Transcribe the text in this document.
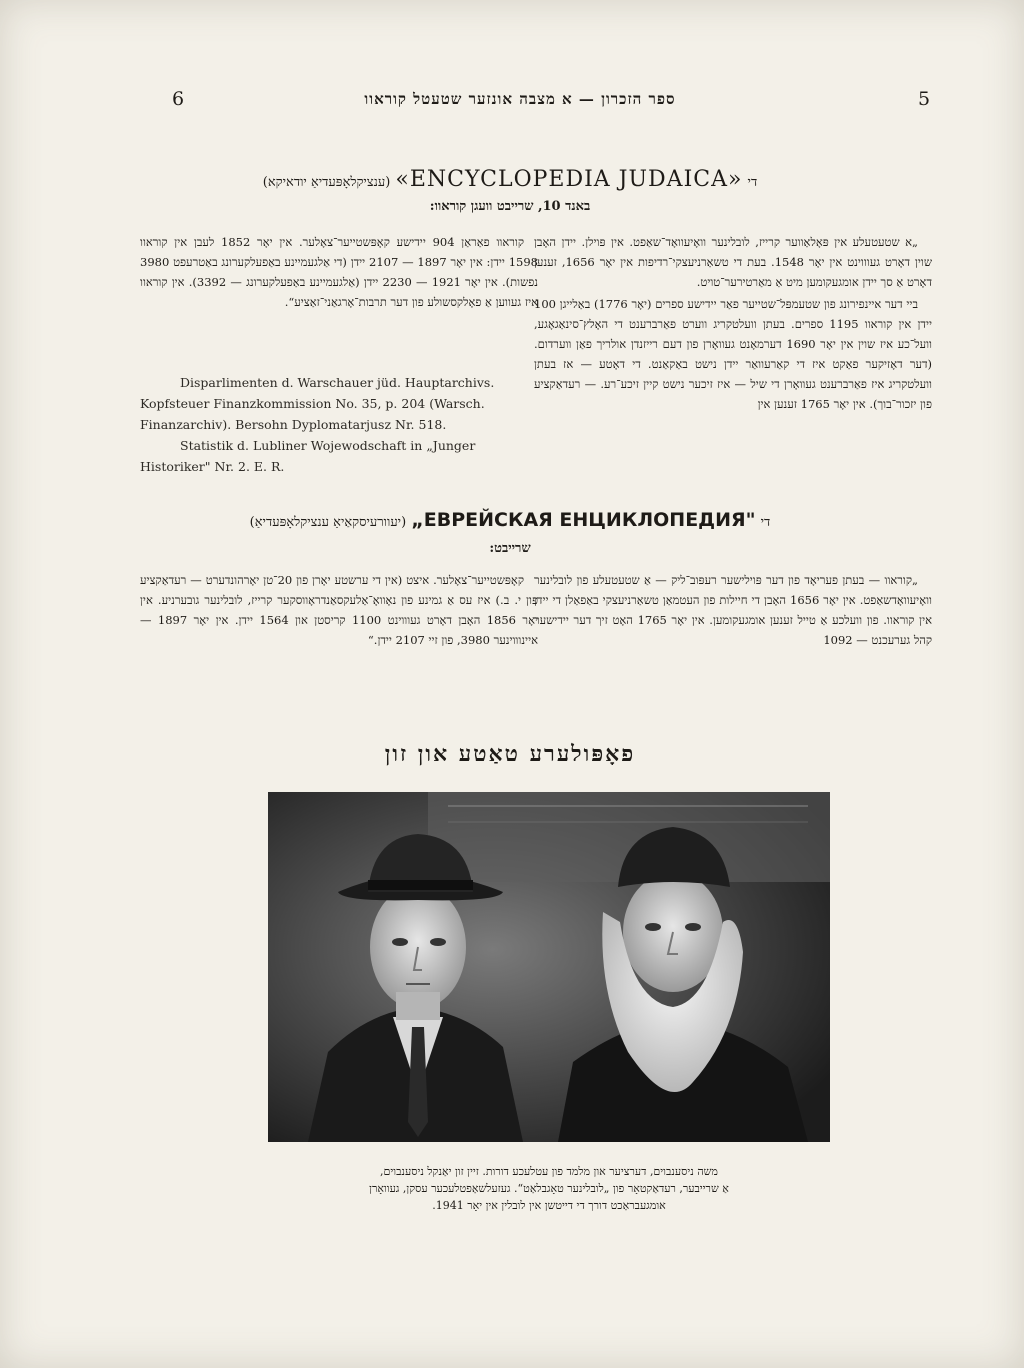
6	5
ספר הזכרון — א מצבה אונזער שטעטל קוראוו
די «ENCYCLOPEDIA JUDAICA» (ענציקלאָפּעדיאַ יודאיקא)
באנד 10, שרייבט וועגן קוראוו:

„א שטעטעלע אין פּאָלאַווער קרייז, לובלינער וואָיעוואָד־שאַפט. אין פּוילן. יידן האָבן שוין דאָרט געוווינט אין יאָר 1548. בעת די טשאַרניעצקי־רדיפות אין יאָר 1656, זענען דאָרט אַ סך יידן אומגעקומען מיט אַ מאַרטירער־טויט.

ביי דער איינפירונג פון שטעמפּל־שטייער פאַר יידישע ספרים (יאָר 1776) באַלייגן 100 יידן אין קוראוו 1195 ספרים. בעתן וועלטקריג ווערט פאַרברענט די האָלץ־סינאַגאָגע, וועל־כע איז שוין אין יאָר 1690 דערמאָנט געוואָרן פון דעם רייזנדן אולריך פאַן ווערדום. (דער דאָזיקער פאַקט איז די קאַרעוואַר יידן נישט באַקאַנט. די דאָטע — אז בעתן וועלטקריג איז פאַרברענט געוואָרן די שיל — איז זיכער נישט קיין זיכע־רע. — רעדאַקציע פון יזכור־בוך). אין יאָר 1765 זענען אין

קוראוו פאַראַן 904 יידישע קאָפּשטייער־צאָלער. אין יאָר 1852 לעבן אין קוראוו 1598 יידן: אין יאָר 1897 — 2107 יידן (די אַלגעמיינע באַפעלקערונג באַטרעפט 3980 נפשות). אין יאָר 1921 — 2230 יידן (אַלגעמיינע באַפעלקערונג — 3392). אין קוראוו איז געווען אַ פאָלקסשולע פון דער תרבות־אָרגאַני־זאַציע“.

Disparlimenten d. Warschauer jüd. Hauptarchivs. Kopfsteuer Finanzkommission No. 35, p. 204 (Warsch. Finanzarchiv). Bersohn Dyplomatarjusz Nr. 518.

Statistik d. Lubliner Wojewodschaft in „Junger Historiker" Nr. 2. E. R.

די „ЕВРЕЙСКАЯ ЕНЦИКЛОПЕДИЯ" (יעוורעיסקאַיאַ ענציקלאָפּעדיאַ)
שרייבט:

„קוראוו — בעתן פעריאָד פון דער פּוילישער רעפּוב־ליק — אַ שטעטעלע פון לובלינער וואָיעוואָדשאַפט. אין יאָר 1656 האָבן די חיילות פון העטמאַן טשאַרניעצקי באַפאַלן די יידן אין קוראוו. פון וועלכע אַ טייל זענען אומגעקומען. אין יאָר 1765 האָט זיך דער יידישער קהל גערעכנט — 1092

קאָפּשטייער־צאָלער. איצט (אין די ערשטע יאָרן פון 20־טן יאָרהונדערט — רעדאַקציע פון י. ב.) איז עס אַ גמינע פון נאָוואָ־אַלעקסאַנדראָווסקער קרייז, לובלינער גובערניע. אין יאָר 1856 האָבן דאָרט געוווינט 1100 קריסטן און 1564 יידן. אין יאָר 1897 — איינוווינער 3980, פון זיי 2107 יידן.“

פאָפּולערע טאַטע און זון
משה ניסענבוים, דערציער און מלמד פון עטלעכע דורות. זיין זון יאַנקל ניסענבוים,
אַ שרייבער, רעדאַקטאָר פון „לובלינער טאָגבלאַט“. געזעלשאַפטלעכער עסקן, געוואָרן
אומגעבראַכט דורך די דייטשן אין לובלין אין יאָר 1941.
